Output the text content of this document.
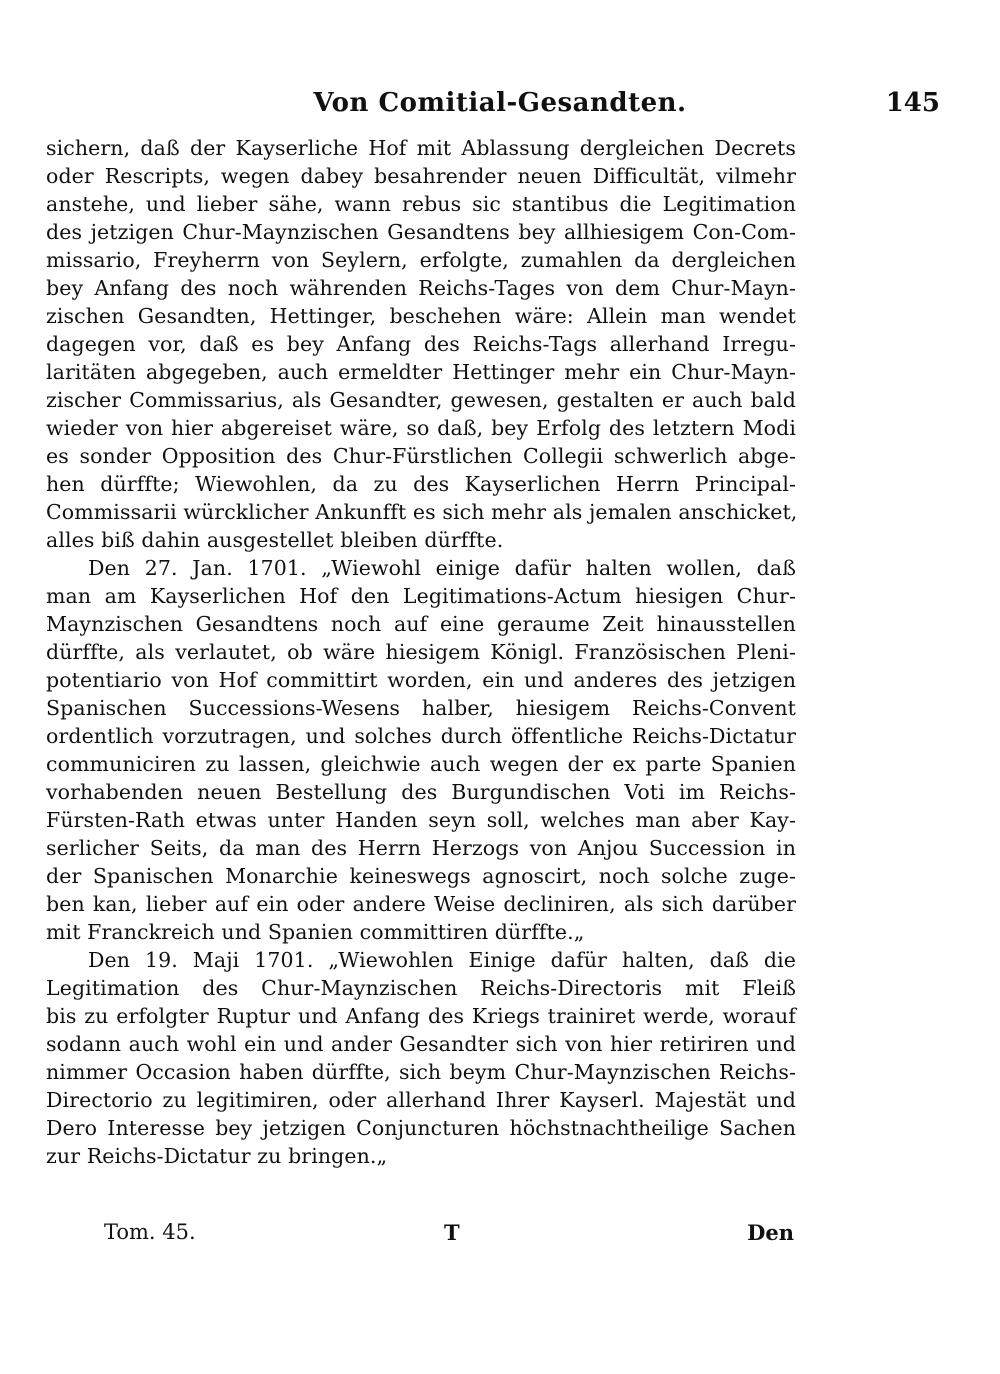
Von Comitial-Gesandten.	145
sichern, daß der Kayserliche Hof mit Ablassung dergleichen Decrets
oder Rescripts, wegen dabey besahrender neuen Difficultät, vilmehr
anstehe, und lieber sähe, wann rebus sic stantibus die Legitimation
des jetzigen Chur-Maynzischen Gesandtens bey allhiesigem Con-Com-
missario, Freyherrn von Seylern, erfolgte, zumahlen da dergleichen
bey Anfang des noch währenden Reichs-Tages von dem Chur-Mayn-
zischen Gesandten, Hettinger, beschehen wäre: Allein man wendet
dagegen vor, daß es bey Anfang des Reichs-Tags allerhand Irregu-
laritäten abgegeben, auch ermeldter Hettinger mehr ein Chur-Mayn-
zischer Commissarius, als Gesandter, gewesen, gestalten er auch bald
wieder von hier abgereiset wäre, so daß, bey Erfolg des letztern Modi
es sonder Opposition des Chur-Fürstlichen Collegii schwerlich abge-
hen dürffte; Wiewohlen, da zu des Kayserlichen Herrn Principal-
Commissarii würcklicher Ankunfft es sich mehr als jemalen anschicket,
alles biß dahin ausgestellet bleiben dürffte.
Den 27. Jan. 1701. „Wiewohl einige dafür halten wollen, daß
man am Kayserlichen Hof den Legitimations-Actum hiesigen Chur-
Maynzischen Gesandtens noch auf eine geraume Zeit hinausstellen
dürffte, als verlautet, ob wäre hiesigem Königl. Französischen Pleni-
potentiario von Hof committirt worden, ein und anderes des jetzigen
Spanischen Successions-Wesens halber, hiesigem Reichs-Convent
ordentlich vorzutragen, und solches durch öffentliche Reichs-Dictatur
communiciren zu lassen, gleichwie auch wegen der ex parte Spanien
vorhabenden neuen Bestellung des Burgundischen Voti im Reichs-
Fürsten-Rath etwas unter Handen seyn soll, welches man aber Kay-
serlicher Seits, da man des Herrn Herzogs von Anjou Succession in
der Spanischen Monarchie keineswegs agnoscirt, noch solche zuge-
ben kan, lieber auf ein oder andere Weise decliniren, als sich darüber
mit Franckreich und Spanien committiren dürffte.„
Den 19. Maji 1701. „Wiewohlen Einige dafür halten, daß die
Legitimation des Chur-Maynzischen Reichs-Directoris mit Fleiß
bis zu erfolgter Ruptur und Anfang des Kriegs trainiret werde, worauf
sodann auch wohl ein und ander Gesandter sich von hier retiriren und
nimmer Occasion haben dürffte, sich beym Chur-Maynzischen Reichs-
Directorio zu legitimiren, oder allerhand Ihrer Kayserl. Majestät und
Dero Interesse bey jetzigen Conjuncturen höchstnachtheilige Sachen
zur Reichs-Dictatur zu bringen.„
Tom. 45.	T	Den
